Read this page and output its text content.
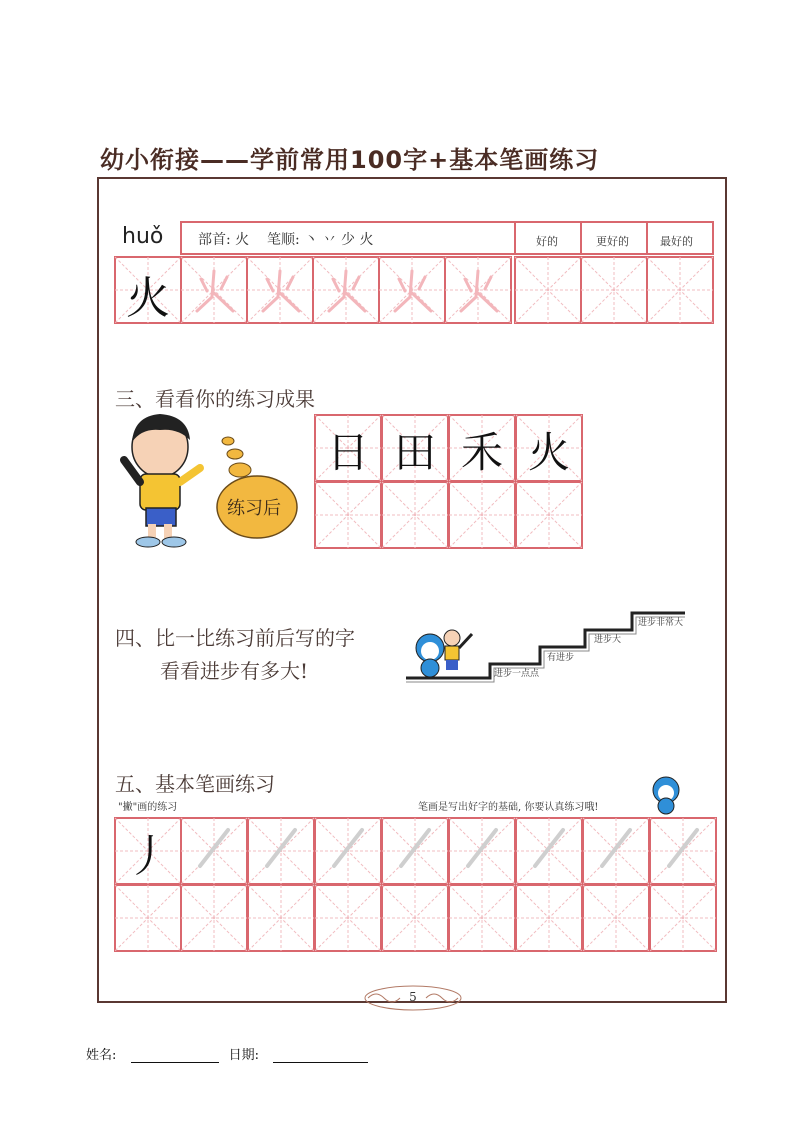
幼小衔接——学前常用100字+基本笔画练习
huǒ 部首: 火    笔顺: 丶 丷 少 火	好的	更好的	最好的
火
三、看看你的练习成果
练习后
日 田 禾 火
四、比一比练习前后写的字
看看进步有多大!	进步一点点
有进步
进步大
进步非常大
五、基本笔画练习
"撇"画的练习	笔画是写出好字的基础, 你要认真练习哦!
丿
5
姓名:	日期:
